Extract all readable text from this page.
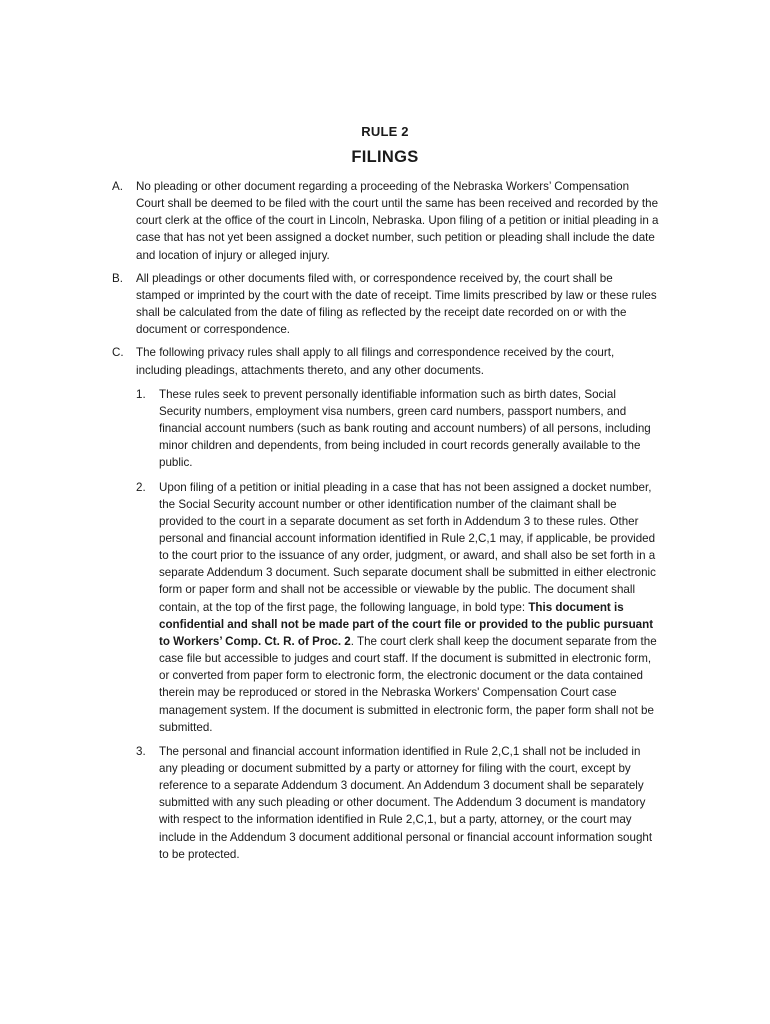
RULE 2
FILINGS
A.	No pleading or other document regarding a proceeding of the Nebraska Workers’ Compensation Court shall be deemed to be filed with the court until the same has been received and recorded by the court clerk at the office of the court in Lincoln, Nebraska. Upon filing of a petition or initial pleading in a case that has not yet been assigned a docket number, such petition or pleading shall include the date and location of injury or alleged injury.
B.	All pleadings or other documents filed with, or correspondence received by, the court shall be stamped or imprinted by the court with the date of receipt. Time limits prescribed by law or these rules shall be calculated from the date of filing as reflected by the receipt date recorded on or with the document or correspondence.
C.	The following privacy rules shall apply to all filings and correspondence received by the court, including pleadings, attachments thereto, and any other documents.
1.	These rules seek to prevent personally identifiable information such as birth dates, Social Security numbers, employment visa numbers, green card numbers, passport numbers, and financial account numbers (such as bank routing and account numbers) of all persons, including minor children and dependents, from being included in court records generally available to the public.
2.	Upon filing of a petition or initial pleading in a case that has not been assigned a docket number, the Social Security account number or other identification number of the claimant shall be provided to the court in a separate document as set forth in Addendum 3 to these rules. Other personal and financial account information identified in Rule 2,C,1 may, if applicable, be provided to the court prior to the issuance of any order, judgment, or award, and shall also be set forth in a separate Addendum 3 document. Such separate document shall be submitted in either electronic form or paper form and shall not be accessible or viewable by the public. The document shall contain, at the top of the first page, the following language, in bold type: This document is confidential and shall not be made part of the court file or provided to the public pursuant to Workers’ Comp. Ct. R. of Proc. 2. The court clerk shall keep the document separate from the case file but accessible to judges and court staff. If the document is submitted in electronic form, or converted from paper form to electronic form, the electronic document or the data contained therein may be reproduced or stored in the Nebraska Workers' Compensation Court case management system. If the document is submitted in electronic form, the paper form shall not be submitted.
3.	The personal and financial account information identified in Rule 2,C,1 shall not be included in any pleading or document submitted by a party or attorney for filing with the court, except by reference to a separate Addendum 3 document. An Addendum 3 document shall be separately submitted with any such pleading or other document. The Addendum 3 document is mandatory with respect to the information identified in Rule 2,C,1, but a party, attorney, or the court may include in the Addendum 3 document additional personal or financial account information sought to be protected.
